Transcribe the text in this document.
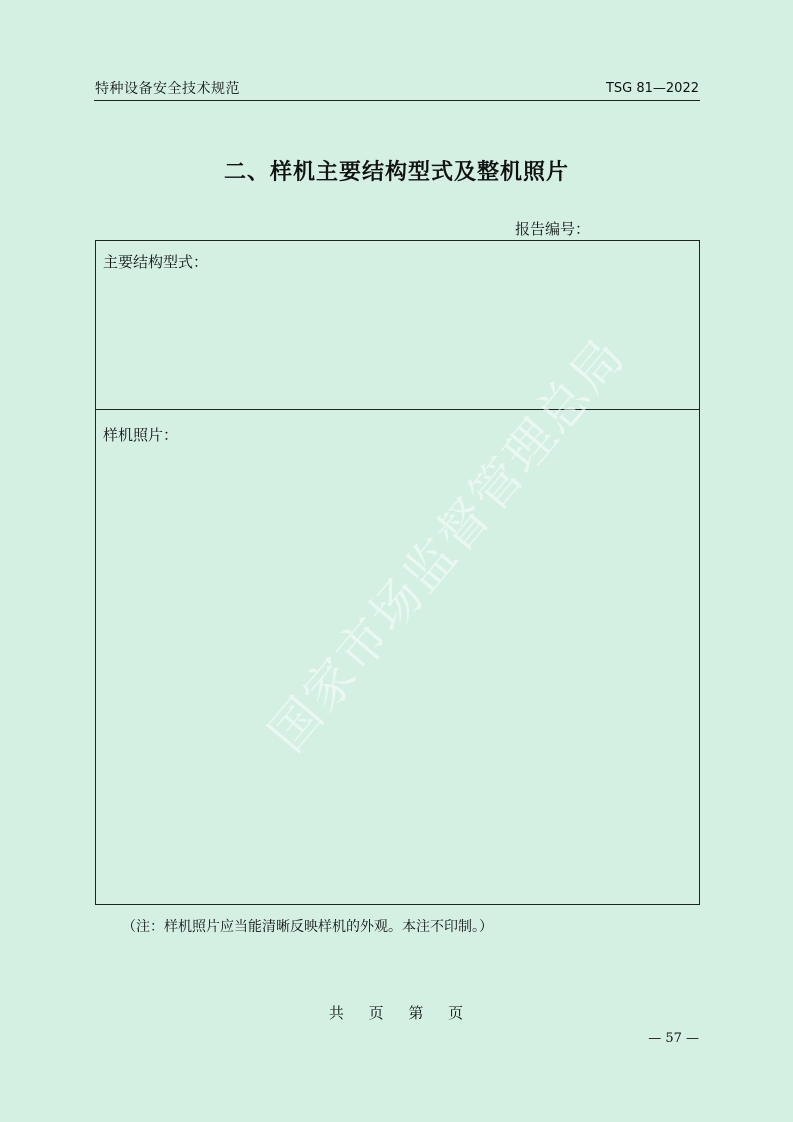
特种设备安全技术规范	TSG 81—2022
二、样机主要结构型式及整机照片
报告编号：
主要结构型式：
样机照片：
（注：样机照片应当能清晰反映样机的外观。本注不印制。）
共 页 第 页
— 57 —
国家市场监督管理总局
